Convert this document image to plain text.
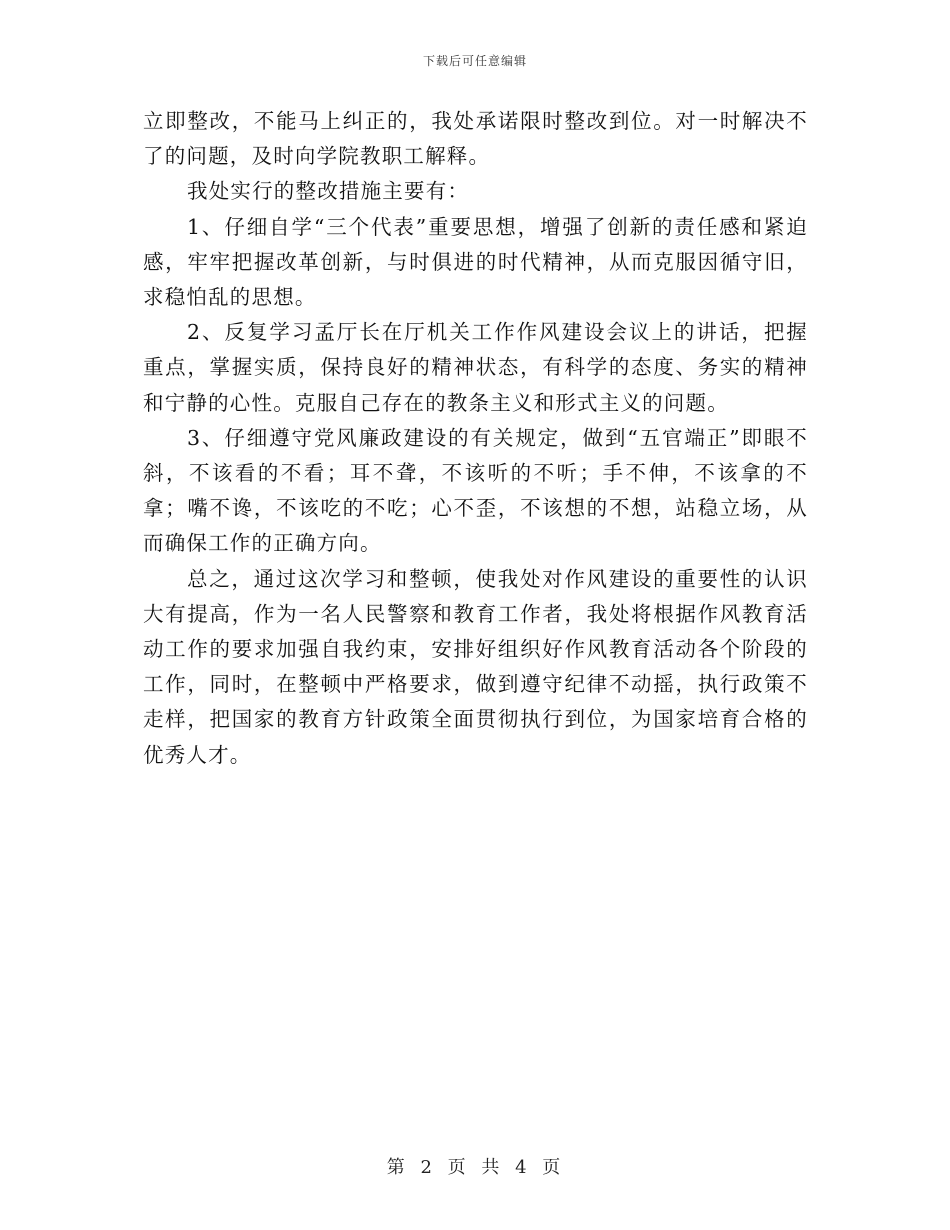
下载后可任意编辑

立即整改，不能马上纠正的，我处承诺限时整改到位。对一时解决不了的问题，及时向学院教职工解释。

我处实行的整改措施主要有：

1、仔细自学“三个代表”重要思想，增强了创新的责任感和紧迫感，牢牢把握改革创新，与时俱进的时代精神，从而克服因循守旧，求稳怕乱的思想。

2、反复学习孟厅长在厅机关工作作风建设会议上的讲话，把握重点，掌握实质，保持良好的精神状态，有科学的态度、务实的精神和宁静的心性。克服自己存在的教条主义和形式主义的问题。

3、仔细遵守党风廉政建设的有关规定，做到“五官端正”即眼不斜，不该看的不看；耳不聋，不该听的不听；手不伸，不该拿的不拿；嘴不谗，不该吃的不吃；心不歪，不该想的不想，站稳立场，从而确保工作的正确方向。

总之，通过这次学习和整顿，使我处对作风建设的重要性的认识大有提高，作为一名人民警察和教育工作者，我处将根据作风教育活动工作的要求加强自我约束，安排好组织好作风教育活动各个阶段的工作，同时，在整顿中严格要求，做到遵守纪律不动摇，执行政策不走样，把国家的教育方针政策全面贯彻执行到位，为国家培育合格的优秀人才。

第 2 页 共 4 页
